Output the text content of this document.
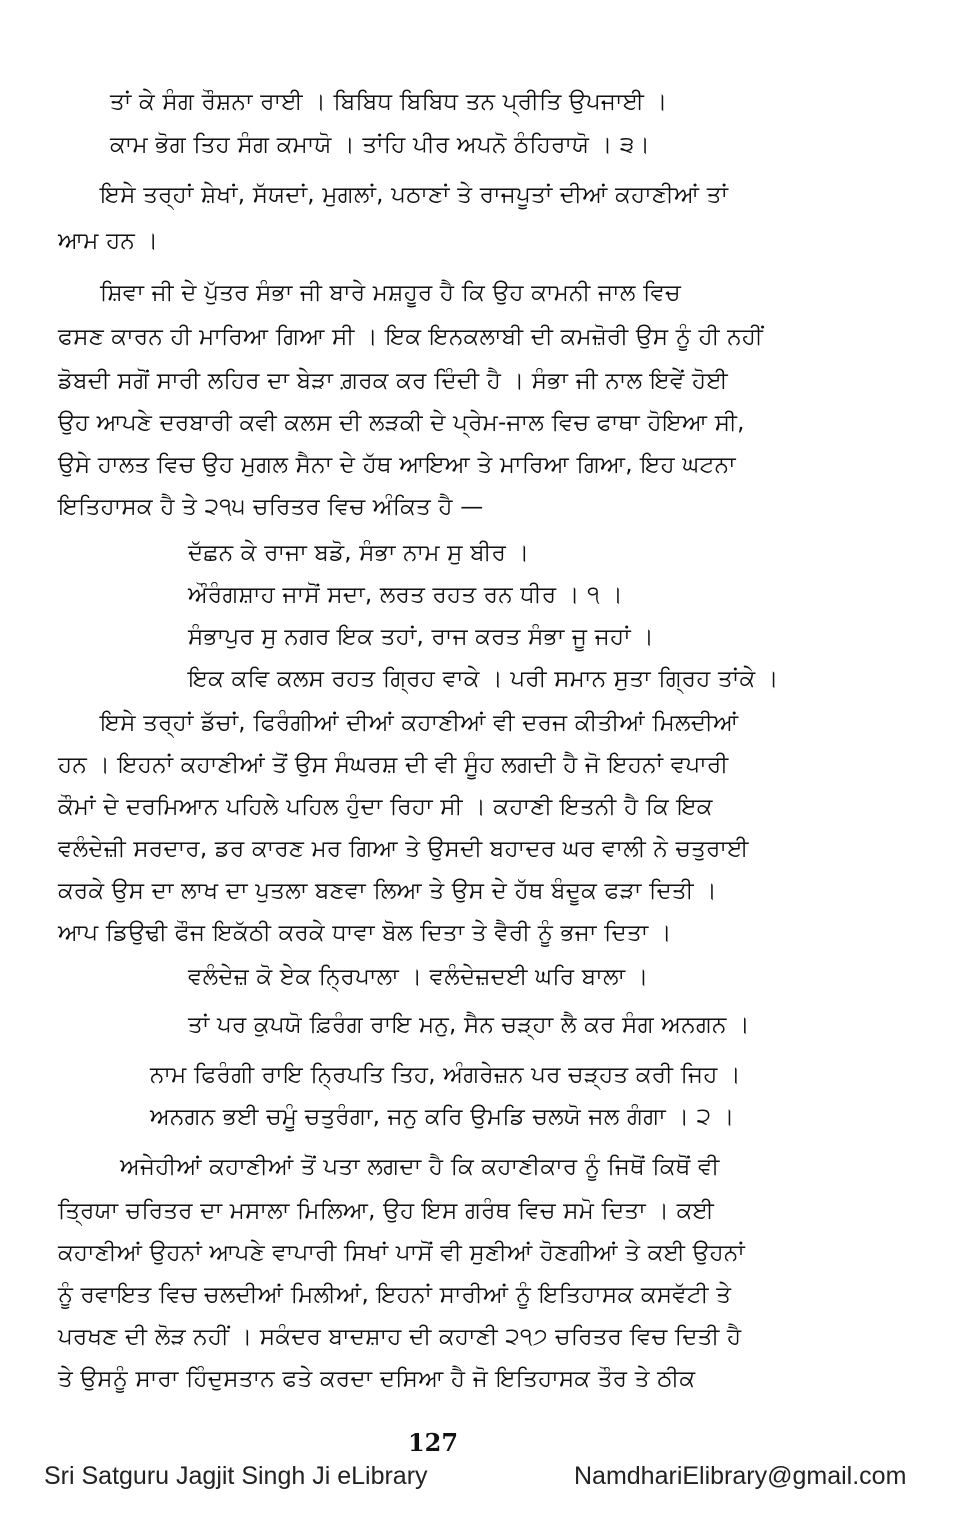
ਤਾਂ ਕੇ ਸੰਗ ਰੌਸ਼ਨਾ ਰਾਈ । ਬਿਬਿਧ ਬਿਬਿਧ ਤਨ ਪ੍ਰੀਤਿ ਉਪਜਾਈ ।
ਕਾਮ ਭੋਗ ਤਿਹ ਸੰਗ ਕਮਾਯੋ । ਤਾਂਹਿ ਪੀਰ ਅਪਨੋ ਠੰਹਿਰਾਯੋ । ੩।
ਇਸੇ ਤਰ੍ਹਾਂ ਸ਼ੇਖਾਂ, ਸੱਯਦਾਂ, ਮੁਗਲਾਂ, ਪਠਾਣਾਂ ਤੇ ਰਾਜਪੂਤਾਂ ਦੀਆਂ ਕਹਾਣੀਆਂ ਤਾਂ
ਆਮ ਹਨ ।
ਸ਼ਿਵਾ ਜੀ ਦੇ ਪੁੱਤਰ ਸੰਭਾ ਜੀ ਬਾਰੇ ਮਸ਼ਹੂਰ ਹੈ ਕਿ ਉਹ ਕਾਮਨੀ ਜਾਲ ਵਿਚ
ਫਸਣ ਕਾਰਨ ਹੀ ਮਾਰਿਆ ਗਿਆ ਸੀ । ਇਕ ਇਨਕਲਾਬੀ ਦੀ ਕਮਜ਼ੋਰੀ ਉਸ ਨੂੰ ਹੀ ਨਹੀਂ
ਡੋਬਦੀ ਸਗੋਂ ਸਾਰੀ ਲਹਿਰ ਦਾ ਬੇੜਾ ਗ਼ਰਕ ਕਰ ਦਿੰਦੀ ਹੈ । ਸੰਭਾ ਜੀ ਨਾਲ ਇਵੇਂ ਹੋਈ
ਉਹ ਆਪਣੇ ਦਰਬਾਰੀ ਕਵੀ ਕਲਸ ਦੀ ਲੜਕੀ ਦੇ ਪ੍ਰੇਮ-ਜਾਲ ਵਿਚ ਫਾਥਾ ਹੋਇਆ ਸੀ,
ਉਸੇ ਹਾਲਤ ਵਿਚ ਉਹ ਮੁਗਲ ਸੈਨਾ ਦੇ ਹੱਥ ਆਇਆ ਤੇ ਮਾਰਿਆ ਗਿਆ, ਇਹ ਘਟਨਾ
ਇਤਿਹਾਸਕ ਹੈ ਤੇ ੨੧੫ ਚਰਿਤਰ ਵਿਚ ਅੰਕਿਤ ਹੈ —
ਦੱਛਨ ਕੇ ਰਾਜਾ ਬਡੋ, ਸੰਭਾ ਨਾਮ ਸੁ ਬੀਰ ।
ਔਰੰਗਸ਼ਾਹ ਜਾਸੋਂ ਸਦਾ, ਲਰਤ ਰਹਤ ਰਨ ਧੀਰ । ੧ ।
ਸੰਭਾਪੁਰ ਸੁ ਨਗਰ ਇਕ ਤਹਾਂ, ਰਾਜ ਕਰਤ ਸੰਭਾ ਜੂ ਜਹਾਂ ।
ਇਕ ਕਵਿ ਕਲਸ ਰਹਤ ਗ੍ਰਿਹ ਵਾਕੇ । ਪਰੀ ਸਮਾਨ ਸੁਤਾ ਗ੍ਰਿਹ ਤਾਂਕੇ ।
ਇਸੇ ਤਰ੍ਹਾਂ ਡੱਚਾਂ, ਫਿਰੰਗੀਆਂ ਦੀਆਂ ਕਹਾਣੀਆਂ ਵੀ ਦਰਜ ਕੀਤੀਆਂ ਮਿਲਦੀਆਂ
ਹਨ । ਇਹਨਾਂ ਕਹਾਣੀਆਂ ਤੋਂ ਉਸ ਸੰਘਰਸ਼ ਦੀ ਵੀ ਸੂੰਹ ਲਗਦੀ ਹੈ ਜੋ ਇਹਨਾਂ ਵਪਾਰੀ
ਕੌਮਾਂ ਦੇ ਦਰਮਿਆਨ ਪਹਿਲੇ ਪਹਿਲ ਹੁੰਦਾ ਰਿਹਾ ਸੀ । ਕਹਾਣੀ ਇਤਨੀ ਹੈ ਕਿ ਇਕ
ਵਲੰਦੇਜ਼ੀ ਸਰਦਾਰ, ਡਰ ਕਾਰਣ ਮਰ ਗਿਆ ਤੇ ਉਸਦੀ ਬਹਾਦਰ ਘਰ ਵਾਲੀ ਨੇ ਚਤੁਰਾਈ
ਕਰਕੇ ਉਸ ਦਾ ਲਾਖ ਦਾ ਪੁਤਲਾ ਬਣਵਾ ਲਿਆ ਤੇ ਉਸ ਦੇ ਹੱਥ ਬੰਦੂਕ ਫੜਾ ਦਿਤੀ ।
ਆਪ ਡਿਉਢੀ ਫੌਜ ਇਕੱਠੀ ਕਰਕੇ ਧਾਵਾ ਬੋਲ ਦਿਤਾ ਤੇ ਵੈਰੀ ਨੂੰ ਭਜਾ ਦਿਤਾ ।
ਵਲੰਦੇਜ਼ ਕੋ ਏਕ ਨ੍ਰਿਪਾਲਾ । ਵਲੰਦੇਜ਼ਦਈ ਘਰਿ ਬਾਲਾ ।
ਤਾਂ ਪਰ ਕੁਪਯੋ ਫ਼ਿਰੰਗ ਰਾਇ ਮਨੁ, ਸੈਨ ਚੜ੍ਹਾ ਲੈ ਕਰ ਸੰਗ ਅਨਗਨ ।
ਨਾਮ ਫਿਰੰਗੀ ਰਾਇ ਨ੍ਰਿਪਤਿ ਤਿਹ, ਅੰਗਰੇਜ਼ਨ ਪਰ ਚੜ੍ਹਤ ਕਰੀ ਜਿਹ ।
ਅਨਗਨ ਭਈ ਚਮੂੰ ਚਤੁਰੰਗਾ, ਜਨੁ ਕਰਿ ਉਮਡਿ ਚਲਯੋ ਜਲ ਗੰਗਾ । ੨ ।
ਅਜੇਹੀਆਂ ਕਹਾਣੀਆਂ ਤੋਂ ਪਤਾ ਲਗਦਾ ਹੈ ਕਿ ਕਹਾਣੀਕਾਰ ਨੂੰ ਜਿਥੋਂ ਕਿਥੋਂ ਵੀ
ਤ੍ਰਿਯਾ ਚਰਿਤਰ ਦਾ ਮਸਾਲਾ ਮਿਲਿਆ, ਉਹ ਇਸ ਗਰੰਥ ਵਿਚ ਸਮੋ ਦਿਤਾ । ਕਈ
ਕਹਾਣੀਆਂ ਉਹਨਾਂ ਆਪਣੇ ਵਾਪਾਰੀ ਸਿਖਾਂ ਪਾਸੋਂ ਵੀ ਸੁਣੀਆਂ ਹੋਣਗੀਆਂ ਤੇ ਕਈ ਉਹਨਾਂ
ਨੂੰ ਰਵਾਇਤ ਵਿਚ ਚਲਦੀਆਂ ਮਿਲੀਆਂ, ਇਹਨਾਂ ਸਾਰੀਆਂ ਨੂੰ ਇਤਿਹਾਸਕ ਕਸਵੱਟੀ ਤੇ
ਪਰਖਣ ਦੀ ਲੋੜ ਨਹੀਂ । ਸਕੰਦਰ ਬਾਦਸ਼ਾਹ ਦੀ ਕਹਾਣੀ ੨੧੭ ਚਰਿਤਰ ਵਿਚ ਦਿਤੀ ਹੈ
ਤੇ ਉਸਨੂੰ ਸਾਰਾ ਹਿੰਦੁਸਤਾਨ ਫਤੇ ਕਰਦਾ ਦਸਿਆ ਹੈ ਜੋ ਇਤਿਹਾਸਕ ਤੌਰ ਤੇ ਠੀਕ
127
Sri Satguru Jagjit Singh Ji eLibrary	NamdhariElibrary@gmail.com
